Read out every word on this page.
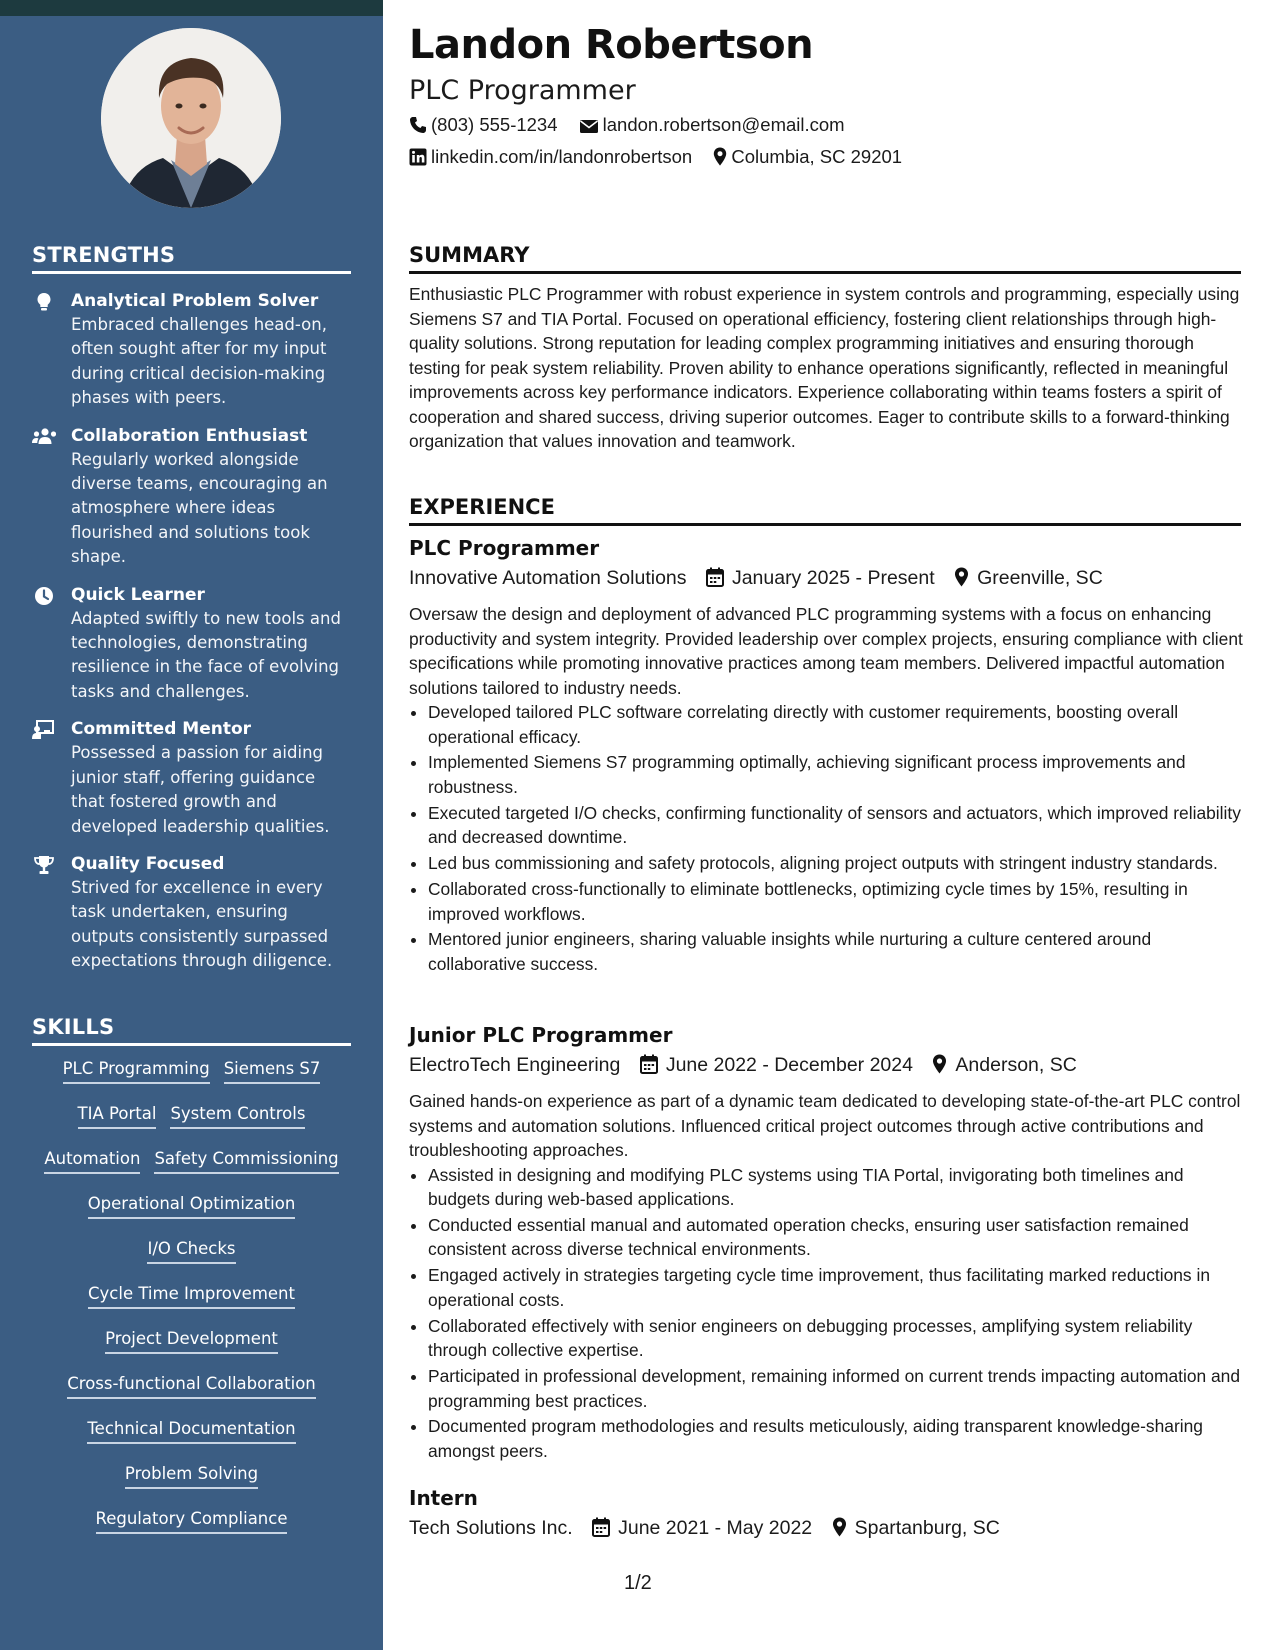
STRENGTHS
Analytical Problem Solver
Embraced challenges head-on, often sought after for my input during critical decision-making phases with peers.
Collaboration Enthusiast
Regularly worked alongside diverse teams, encouraging an atmosphere where ideas flourished and solutions took shape.
Quick Learner
Adapted swiftly to new tools and technologies, demonstrating resilience in the face of evolving tasks and challenges.
Committed Mentor
Possessed a passion for aiding junior staff, offering guidance that fostered growth and developed leadership qualities.
Quality Focused
Strived for excellence in every task undertaken, ensuring outputs consistently surpassed expectations through diligence.
SKILLS
PLC Programming Siemens S7
TIA Portal System Controls
Automation Safety Commissioning
Operational Optimization
I/O Checks
Cycle Time Improvement
Project Development
Cross-functional Collaboration
Technical Documentation
Problem Solving
Regulatory Compliance
Landon Robertson
PLC Programmer
(803) 555-1234 landon.robertson@email.com
linkedin.com/in/landonrobertson Columbia, SC 29201
SUMMARY
Enthusiastic PLC Programmer with robust experience in system controls and programming, especially using Siemens S7 and TIA Portal. Focused on operational efficiency, fostering client relationships through high-quality solutions. Strong reputation for leading complex programming initiatives and ensuring thorough testing for peak system reliability. Proven ability to enhance operations significantly, reflected in meaningful improvements across key performance indicators. Experience collaborating within teams fosters a spirit of cooperation and shared success, driving superior outcomes. Eager to contribute skills to a forward-thinking organization that values innovation and teamwork.
EXPERIENCE
PLC Programmer
Innovative Automation Solutions January 2025 - Present Greenville, SC
Oversaw the design and deployment of advanced PLC programming systems with a focus on enhancing productivity and system integrity. Provided leadership over complex projects, ensuring compliance with client specifications while promoting innovative practices among team members. Delivered impactful automation solutions tailored to industry needs.
• Developed tailored PLC software correlating directly with customer requirements, boosting overall operational efficacy.
• Implemented Siemens S7 programming optimally, achieving significant process improvements and robustness.
• Executed targeted I/O checks, confirming functionality of sensors and actuators, which improved reliability and decreased downtime.
• Led bus commissioning and safety protocols, aligning project outputs with stringent industry standards.
• Collaborated cross-functionally to eliminate bottlenecks, optimizing cycle times by 15%, resulting in improved workflows.
• Mentored junior engineers, sharing valuable insights while nurturing a culture centered around collaborative success.
Junior PLC Programmer
ElectroTech Engineering June 2022 - December 2024 Anderson, SC
Gained hands-on experience as part of a dynamic team dedicated to developing state-of-the-art PLC control systems and automation solutions. Influenced critical project outcomes through active contributions and troubleshooting approaches.
• Assisted in designing and modifying PLC systems using TIA Portal, invigorating both timelines and budgets during web-based applications.
• Conducted essential manual and automated operation checks, ensuring user satisfaction remained consistent across diverse technical environments.
• Engaged actively in strategies targeting cycle time improvement, thus facilitating marked reductions in operational costs.
• Collaborated effectively with senior engineers on debugging processes, amplifying system reliability through collective expertise.
• Participated in professional development, remaining informed on current trends impacting automation and programming best practices.
• Documented program methodologies and results meticulously, aiding transparent knowledge-sharing amongst peers.
Intern
Tech Solutions Inc. June 2021 - May 2022 Spartanburg, SC
1/2
